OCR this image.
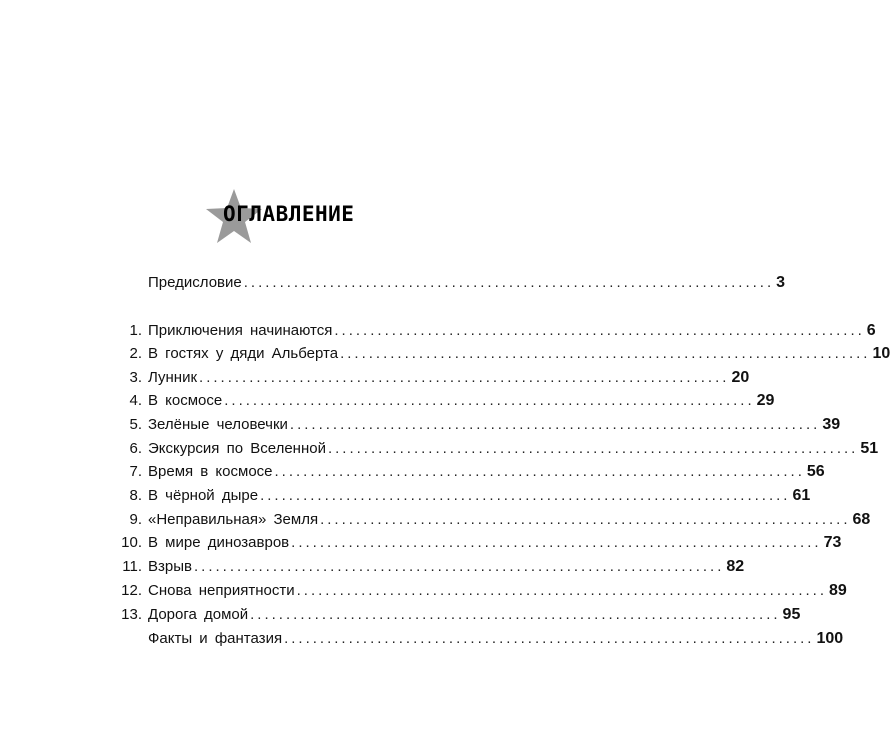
ОГЛАВЛЕНИЕ
Предисловие .......................................................................... 3
1. Приключения начинаются .......................................................................... 6
2. В гостях у дяди Альберта .......................................................................... 10
3. Лунник .......................................................................... 20
4. В космосе .......................................................................... 29
5. Зелёные человечки .......................................................................... 39
6. Экскурсия по Вселенной .......................................................................... 51
7. Время в космосе .......................................................................... 56
8. В чёрной дыре .......................................................................... 61
9. «Неправильная» Земля .......................................................................... 68
10. В мире динозавров .......................................................................... 73
11. Взрыв .......................................................................... 82
12. Снова неприятности .......................................................................... 89
13. Дорога домой .......................................................................... 95
Факты и фантазия .......................................................................... 100
